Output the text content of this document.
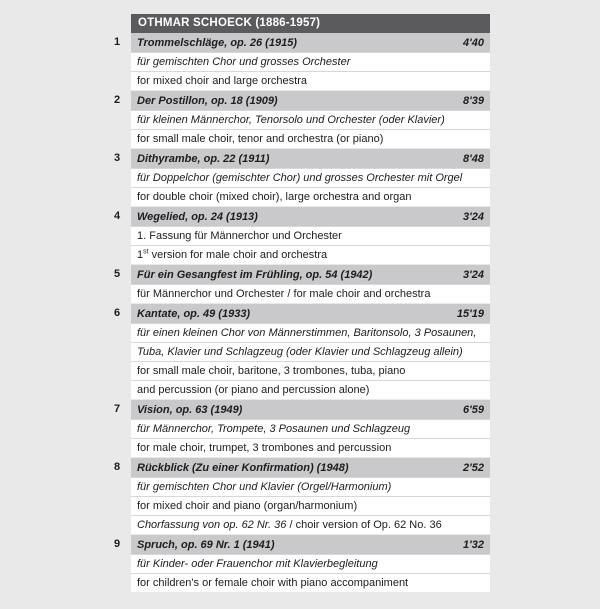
OTHMAR SCHOECK (1886-1957)
1	Trommelschläge, op. 26 (1915)	4'40
für gemischten Chor und grosses Orchester
for mixed choir and large orchestra
2	Der Postillon, op. 18 (1909)	8'39
für kleinen Männerchor, Tenorsolo und Orchester (oder Klavier)
for small male choir, tenor and orchestra (or piano)
3	Dithyrambe, op. 22 (1911)	8'48
für Doppelchor (gemischter Chor) und grosses Orchester mit Orgel
for double choir (mixed choir), large orchestra and organ
4	Wegelied, op. 24 (1913)	3'24
1. Fassung für Männerchor und Orchester
1st version for male choir and orchestra
5	Für ein Gesangfest im Frühling, op. 54 (1942)	3'24
für Männerchor und Orchester / for male choir and orchestra
6	Kantate, op. 49 (1933)	15'19
für einen kleinen Chor von Männerstimmen, Baritonsolo, 3 Posaunen,
Tuba, Klavier und Schlagzeug (oder Klavier und Schlagzeug allein)
for small male choir, baritone, 3 trombones, tuba, piano
and percussion (or piano and percussion alone)
7	Vision, op. 63 (1949)	6'59
für Männerchor, Trompete, 3 Posaunen und Schlagzeug
for male choir, trumpet, 3 trombones and percussion
8	Rückblick (Zu einer Konfirmation) (1948)	2'52
für gemischten Chor und Klavier (Orgel/Harmonium)
for mixed choir and piano (organ/harmonium)
Chorfassung von op. 62 Nr. 36 / choir version of Op. 62 No. 36
9	Spruch, op. 69 Nr. 1 (1941)	1'32
für Kinder- oder Frauenchor mit Klavierbegleitung
for children's or female choir with piano accompaniment
